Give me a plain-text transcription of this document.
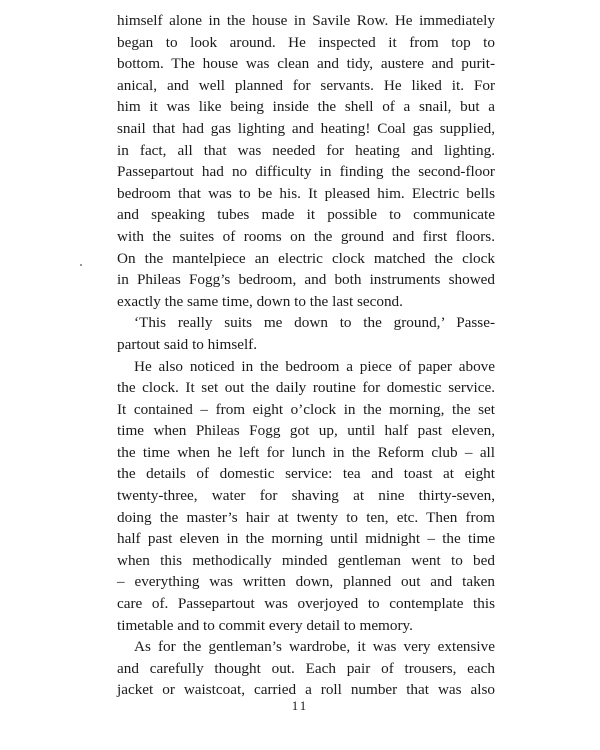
himself alone in the house in Savile Row. He immediately
began to look around. He inspected it from top to
bottom. The house was clean and tidy, austere and purit-
anical, and well planned for servants. He liked it. For
him it was like being inside the shell of a snail, but a
snail that had gas lighting and heating! Coal gas supplied,
in fact, all that was needed for heating and lighting.
Passepartout had no difficulty in finding the second-floor
bedroom that was to be his. It pleased him. Electric bells
and speaking tubes made it possible to communicate
with the suites of rooms on the ground and first floors.
On the mantelpiece an electric clock matched the clock
in Phileas Fogg’s bedroom, and both instruments showed
exactly the same time, down to the last second.
‘This really suits me down to the ground,’ Passe-
partout said to himself.
He also noticed in the bedroom a piece of paper above
the clock. It set out the daily routine for domestic service.
It contained – from eight o’clock in the morning, the set
time when Phileas Fogg got up, until half past eleven,
the time when he left for lunch in the Reform club – all
the details of domestic service: tea and toast at eight
twenty-three, water for shaving at nine thirty-seven,
doing the master’s hair at twenty to ten, etc. Then from
half past eleven in the morning until midnight – the time
when this methodically minded gentleman went to bed
– everything was written down, planned out and taken
care of. Passepartout was overjoyed to contemplate this
timetable and to commit every detail to memory.
As for the gentleman’s wardrobe, it was very extensive
and carefully thought out. Each pair of trousers, each
jacket or waistcoat, carried a roll number that was also
11
